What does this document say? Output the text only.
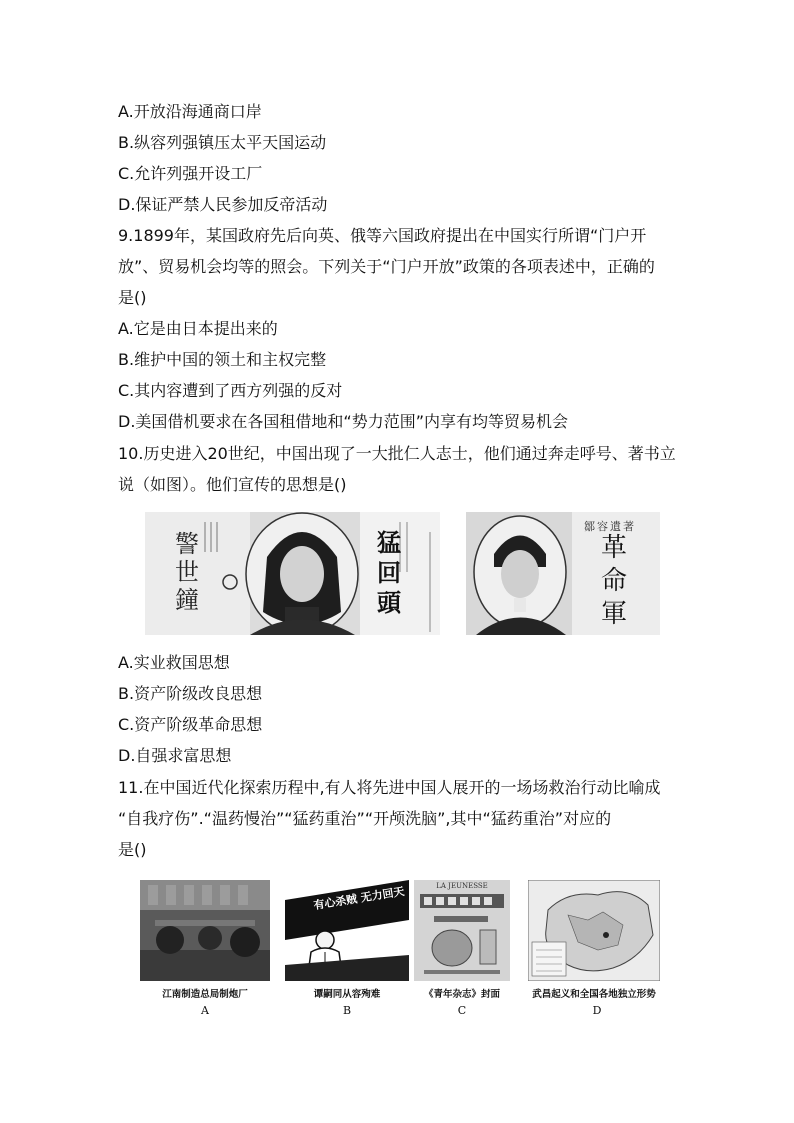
A.开放沿海通商口岸
B.纵容列强镇压太平天国运动
C.允许列强开设工厂
D.保证严禁人民参加反帝活动
9.1899年，某国政府先后向英、俄等六国政府提出在中国实行所谓“门户开
放”、贸易机会均等的照会。下列关于“门户开放”政策的各项表述中，正确的
是()
A.它是由日本提出来的
B.维护中国的领土和主权完整
C.其内容遭到了西方列强的反对
D.美国借机要求在各国租借地和“势力范围”内享有均等贸易机会
10.历史进入20世纪，中国出现了一大批仁人志士，他们通过奔走呼号、著书立
说（如图）。他们宣传的思想是()
警世鐘
猛回頭
鄒容遺著
革命軍
A.实业救国思想
B.资产阶级改良思想
C.资产阶级革命思想
D.自强求富思想
11.在中国近代化探索历程中,有人将先进中国人展开的一场场救治行动比喻成
“自我疗伤”.“温药慢治”“猛药重治”“开颅洗脑”,其中“猛药重治”对应的
是()
江南制造总局制炮厂
A
有心杀贼 无力回天
谭嗣同从容殉难
B
LA JEUNESSE
《青年杂志》封面
C
武昌起义和全国各地独立形势
D
